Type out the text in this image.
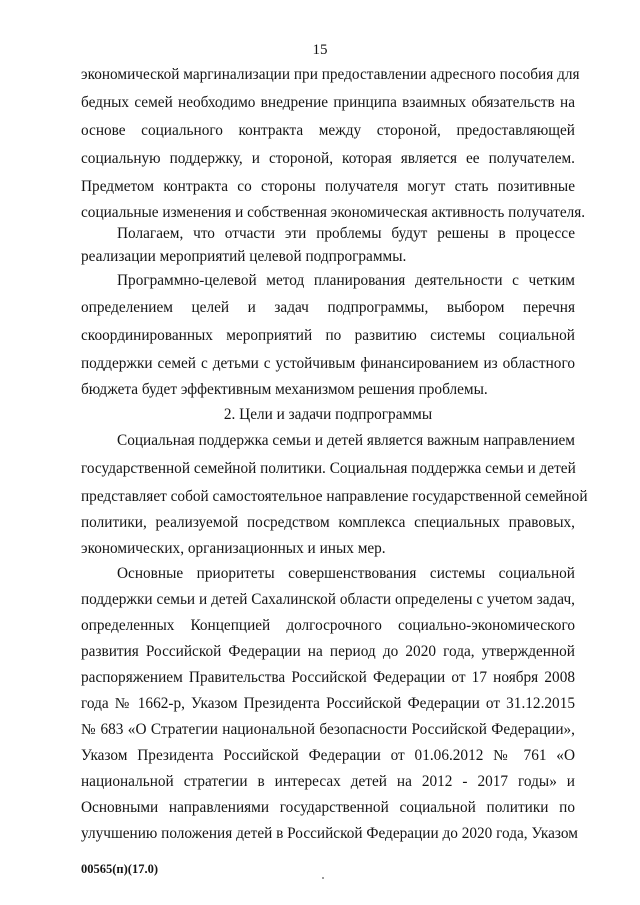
15
экономической маргинализации при предоставлении адресного пособия для
бедных семей необходимо внедрение принципа взаимных обязательств на
основе социального контракта между стороной, предоставляющей
социальную поддержку, и стороной, которая является ее получателем.
Предметом контракта со стороны получателя могут стать позитивные
социальные изменения и собственная экономическая активность получателя.
Полагаем, что отчасти эти проблемы будут решены в процессе
реализации мероприятий целевой подпрограммы.
Программно-целевой метод планирования деятельности с четким
определением целей и задач подпрограммы, выбором перечня
скоординированных мероприятий по развитию системы социальной
поддержки семей с детьми с устойчивым финансированием из областного
бюджета будет эффективным механизмом решения проблемы.
2. Цели и задачи подпрограммы
Социальная поддержка семьи и детей является важным направлением
государственной семейной политики. Социальная поддержка семьи и детей
представляет собой самостоятельное направление государственной семейной
политики, реализуемой посредством комплекса специальных правовых,
экономических, организационных и иных мер.
Основные приоритеты совершенствования системы социальной
поддержки семьи и детей Сахалинской области определены с учетом задач,
определенных Концепцией долгосрочного социально-экономического
развития Российской Федерации на период до 2020 года, утвержденной
распоряжением Правительства Российской Федерации от 17 ноября 2008
года № 1662-р, Указом Президента Российской Федерации от 31.12.2015
№ 683 «О Стратегии национальной безопасности Российской Федерации»,
Указом Президента Российской Федерации от 01.06.2012 № 761 «О
национальной стратегии в интересах детей на 2012 - 2017 годы» и
Основными направлениями государственной социальной политики по
улучшению положения детей в Российской Федерации до 2020 года, Указом
00565(п)(17.0)
